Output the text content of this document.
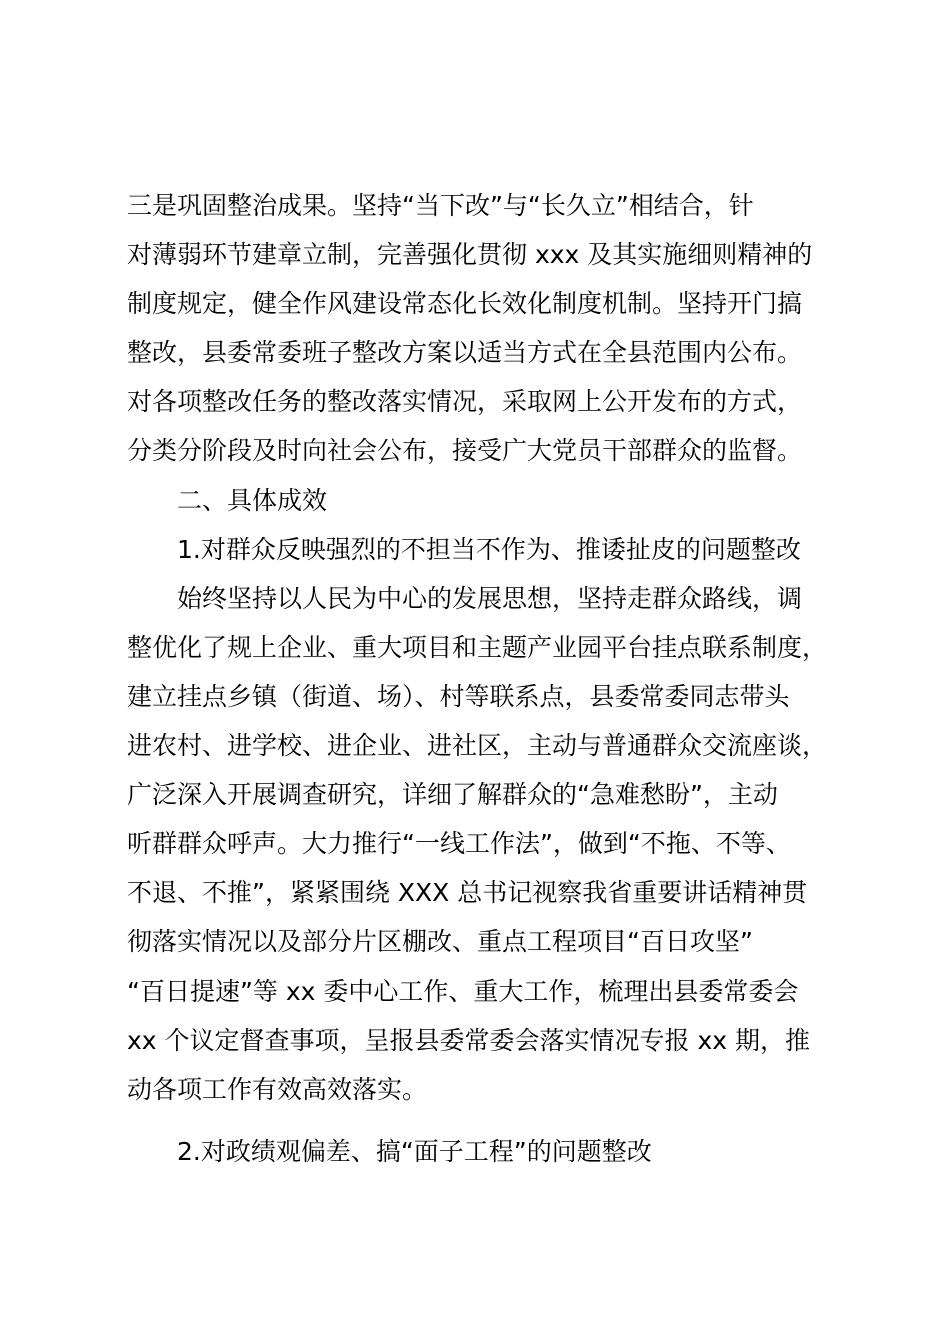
三是巩固整治成果。坚持“当下改”与“长久立”相结合，针
对薄弱环节建章立制，完善强化贯彻 xxx 及其实施细则精神的
制度规定，健全作风建设常态化长效化制度机制。坚持开门搞
整改，县委常委班子整改方案以适当方式在全县范围内公布。
对各项整改任务的整改落实情况，采取网上公开发布的方式，
分类分阶段及时向社会公布，接受广大党员干部群众的监督。
二、具体成效
1.对群众反映强烈的不担当不作为、推诿扯皮的问题整改
始终坚持以人民为中心的发展思想，坚持走群众路线，调
整优化了规上企业、重大项目和主题产业园平台挂点联系制度，
建立挂点乡镇（街道、场）、村等联系点，县委常委同志带头
进农村、进学校、进企业、进社区，主动与普通群众交流座谈，
广泛深入开展调查研究，详细了解群众的“急难愁盼”，主动
听群群众呼声。大力推行“一线工作法”，做到“不拖、不等、
不退、不推”，紧紧围绕 XXX 总书记视察我省重要讲话精神贯
彻落实情况以及部分片区棚改、重点工程项目“百日攻坚”
“百日提速”等 xx 委中心工作、重大工作，梳理出县委常委会
xx 个议定督查事项，呈报县委常委会落实情况专报 xx 期，推
动各项工作有效高效落实。
2.对政绩观偏差、搞“面子工程”的问题整改
